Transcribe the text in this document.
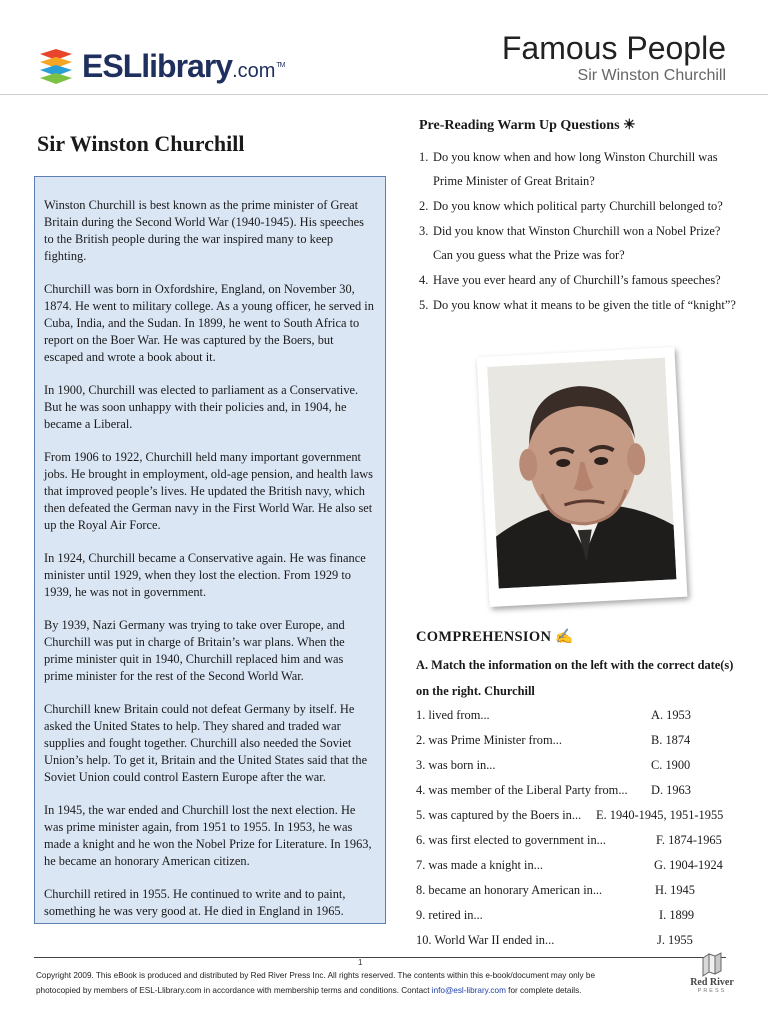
ESLlibrary.com™	Famous People
Sir Winston Churchill
Sir Winston Churchill

Winston Churchill is best known as the prime minister of Great Britain during the Second World War (1940-1945). His speeches to the British people during the war inspired many to keep fighting.

Churchill was born in Oxfordshire, England, on November 30, 1874. He went to military college. As a young officer, he served in Cuba, India, and the Sudan. In 1899, he went to South Africa to report on the Boer War. He was captured by the Boers, but escaped and wrote a book about it.

In 1900, Churchill was elected to parliament as a Conservative. But he was soon unhappy with their policies and, in 1904, he became a Liberal.

From 1906 to 1922, Churchill held many important government jobs. He brought in employment, old-age pension, and health laws that improved people’s lives. He updated the British navy, which then defeated the German navy in the First World War. He also set up the Royal Air Force.

In 1924, Churchill became a Conservative again. He was finance minister until 1929, when they lost the election. From 1929 to 1939, he was not in government.

By 1939, Nazi Germany was trying to take over Europe, and Churchill was put in charge of Britain’s war plans. When the prime minister quit in 1940, Churchill replaced him and was prime minister for the rest of the Second World War.

Churchill knew Britain could not defeat Germany by itself. He asked the United States to help. They shared and traded war supplies and fought together. Churchill also needed the Soviet Union’s help. To get it, Britain and the United States said that the Soviet Union could control Eastern Europe after the war.

In 1945, the war ended and Churchill lost the next election. He was prime minister again, from 1951 to 1955. In 1953, he was made a knight and he won the Nobel Prize for Literature. In 1963, he became an honorary American citizen.

Churchill retired in 1955. He continued to write and to paint, something he was very good at. He died in England in 1965.

Pre-Reading Warm Up Questions ☀
1. Do you know when and how long Winston Churchill was Prime Minister of Great Britain?
2. Do you know which political party Churchill belonged to?
3. Did you know that Winston Churchill won a Nobel Prize? Can you guess what the Prize was for?
4. Have you ever heard any of Churchill’s famous speeches?
5. Do you know what it means to be given the title of “knight”?
COMPREHENSION ✍
A. Match the information on the left with the correct date(s) on the right. Churchill
1. lived from...	A. 1953
2. was Prime Minister from...	B. 1874
3. was born in...	C. 1900
4. was member of the Liberal Party from... D. 1963
5. was captured by the Boers in... E. 1940-1945, 1951-1955
6. was first elected to government in...	F. 1874-1965
7. was made a knight in...	G. 1904-1924
8. became an honorary American in...	H. 1945
9. retired in...	I. 1899
10. World War II ended in...	J. 1955
1
Copyright 2009. This eBook is produced and distributed by Red River Press Inc. All rights reserved. The contents within this e-book/document may only be
photocopied by members of ESL-Llibrary.com in accordance with membership terms and conditions. Contact info@esl-library.com for complete details.
Red River
PRESS
